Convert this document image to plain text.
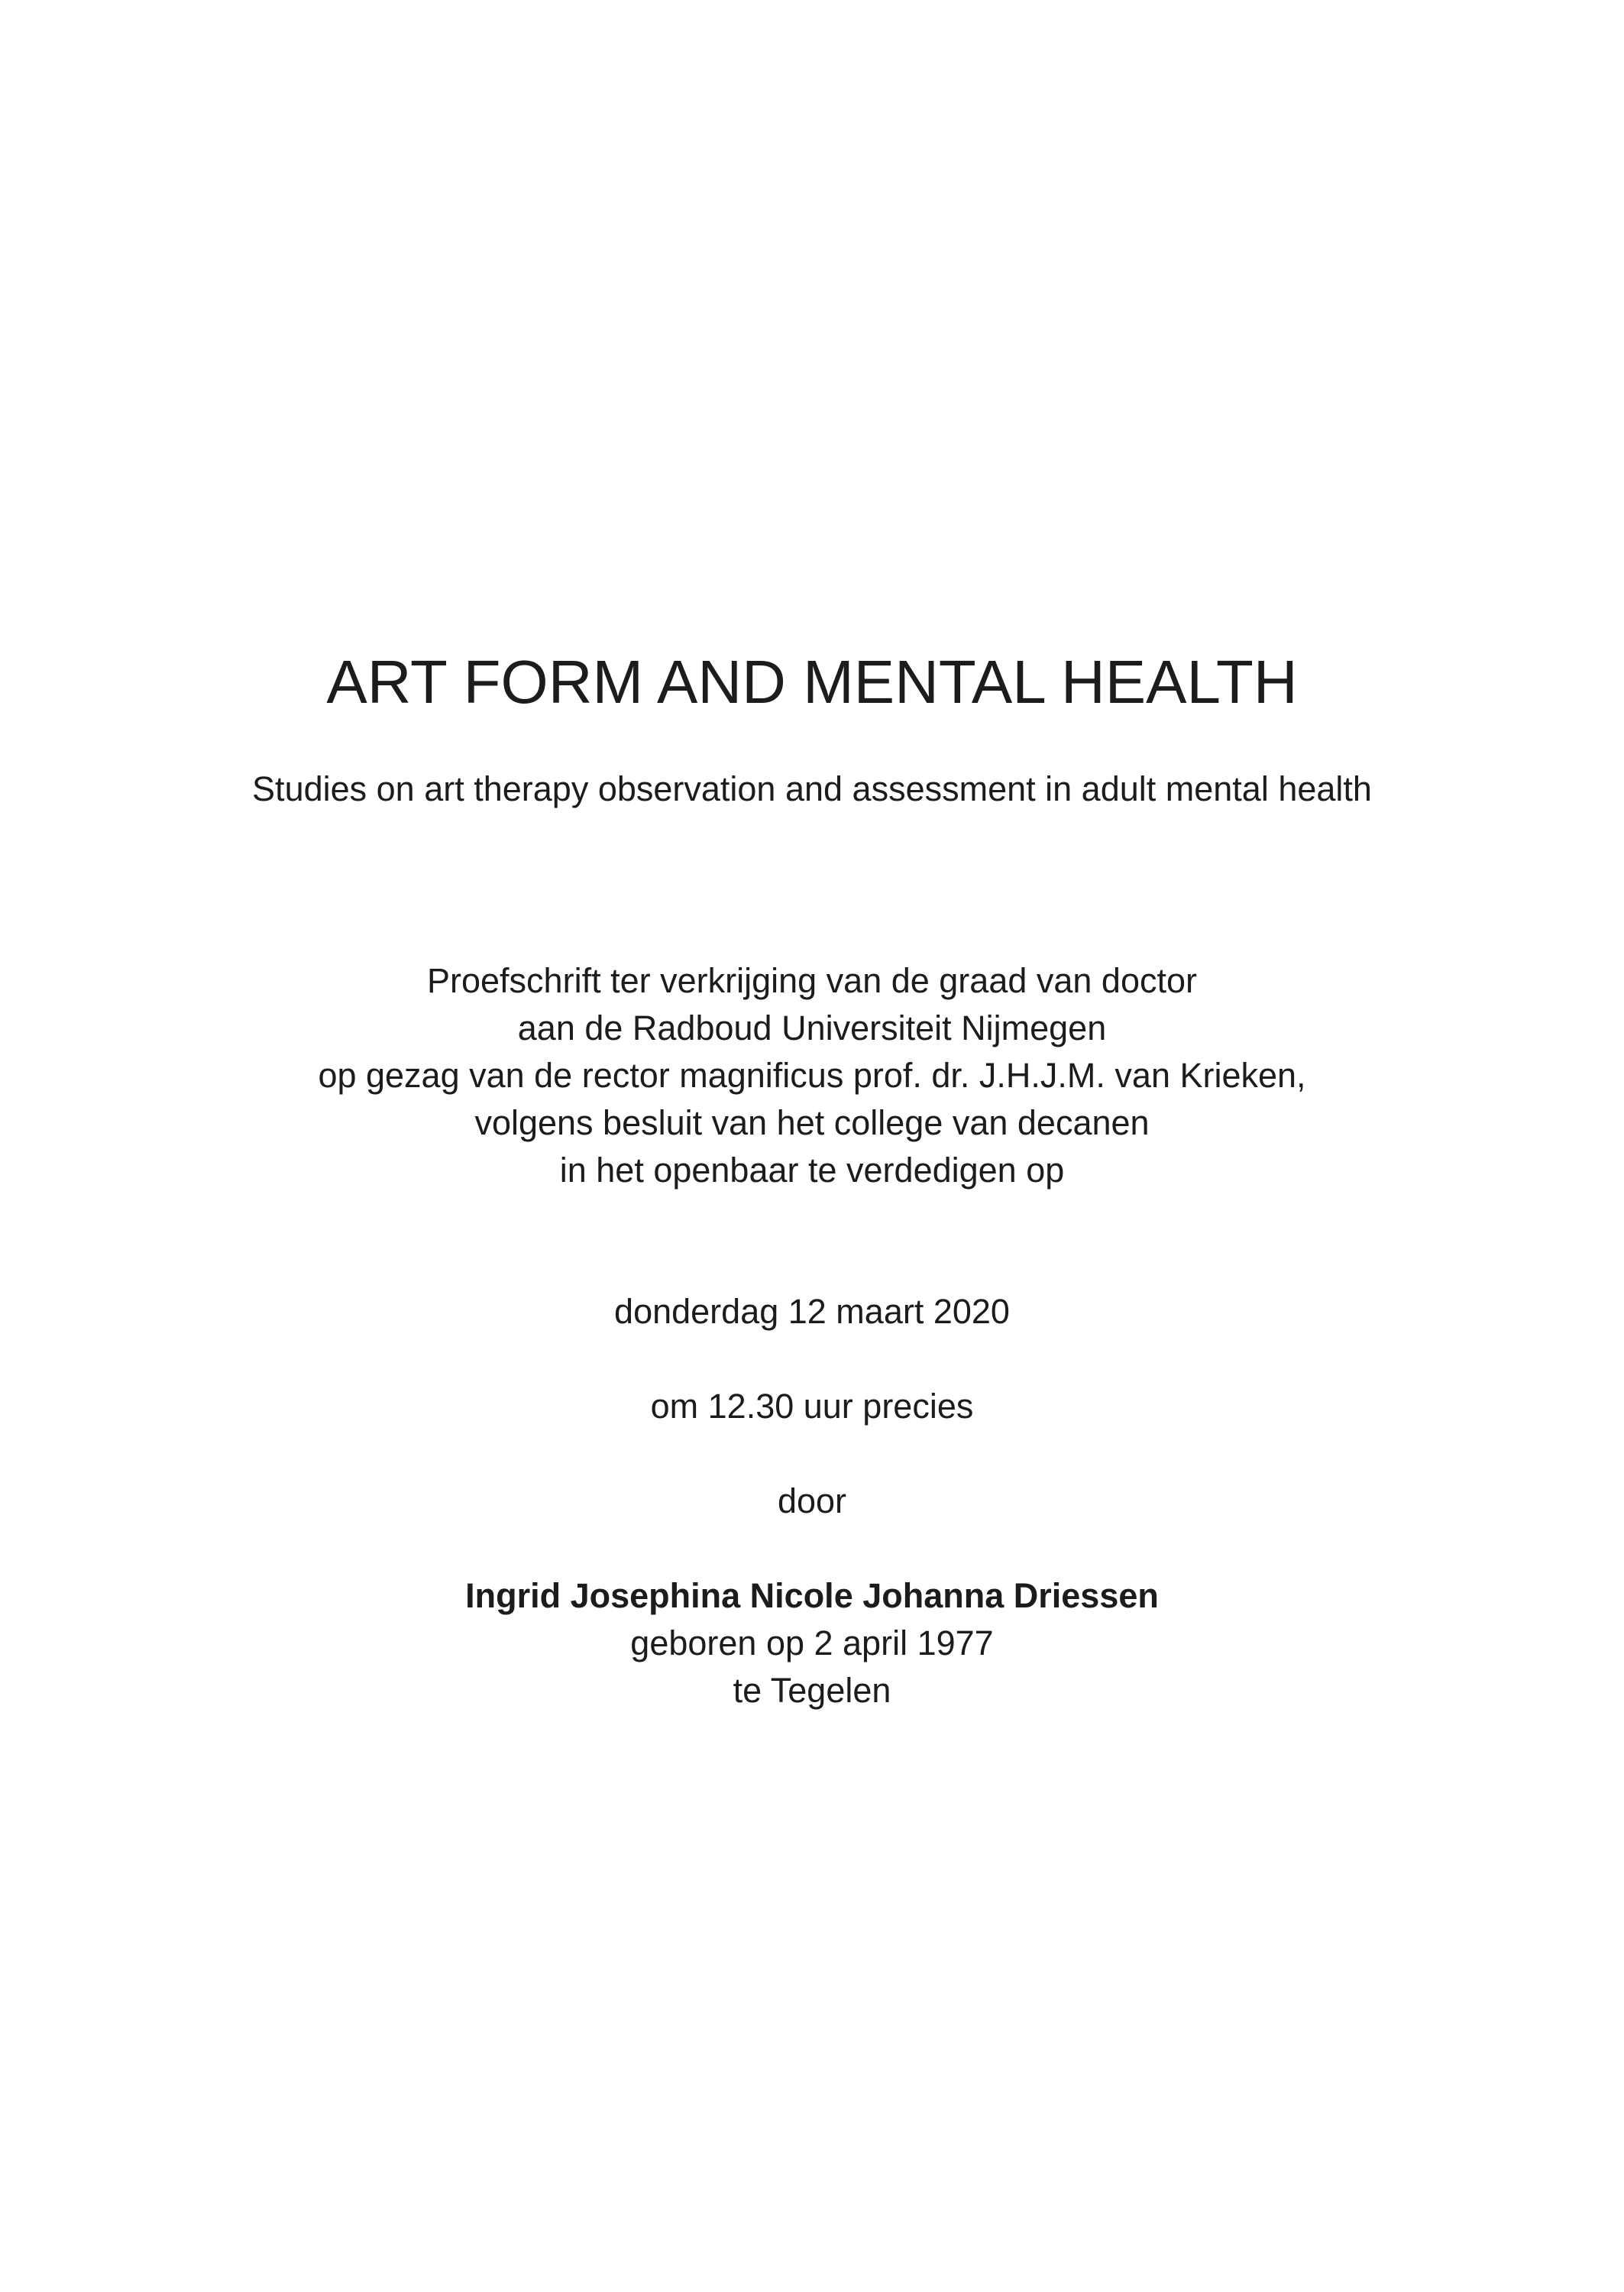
ART FORM AND MENTAL HEALTH
Studies on art therapy observation and assessment in adult mental health
Proefschrift ter verkrijging van de graad van doctor
aan de Radboud Universiteit Nijmegen
op gezag van de rector magnificus prof. dr. J.H.J.M. van Krieken,
volgens besluit van het college van decanen
in het openbaar te verdedigen op
donderdag 12 maart 2020
om 12.30 uur precies
door
Ingrid Josephina Nicole Johanna Driessen
geboren op 2 april 1977
te Tegelen
